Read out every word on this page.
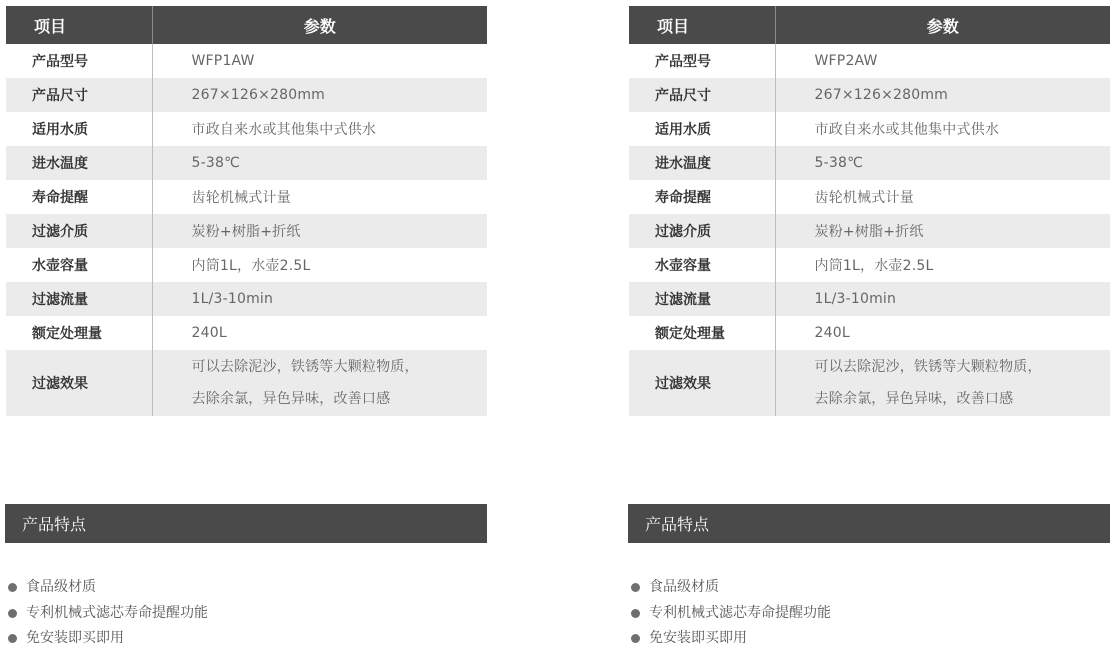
项目	参数
产品型号	WFP1AW
产品尺寸	267×126×280mm
适用水质	市政自来水或其他集中式供水
进水温度	5-38℃
寿命提醒	齿轮机械式计量
过滤介质	炭粉+树脂+折纸
水壶容量	内筒1L，水壶2.5L
过滤流量	1L/3-10min
额定处理量	240L
过滤效果	可以去除泥沙，铁锈等大颗粒物质，
去除余氯，异色异味，改善口感
项目	参数
产品型号	WFP2AW
产品尺寸	267×126×280mm
适用水质	市政自来水或其他集中式供水
进水温度	5-38℃
寿命提醒	齿轮机械式计量
过滤介质	炭粉+树脂+折纸
水壶容量	内筒1L，水壶2.5L
过滤流量	1L/3-10min
额定处理量	240L
过滤效果	可以去除泥沙，铁锈等大颗粒物质，
去除余氯，异色异味，改善口感
产品特点
食品级材质
专利机械式滤芯寿命提醒功能
免安装即买即用
产品特点
食品级材质
专利机械式滤芯寿命提醒功能
免安装即买即用
